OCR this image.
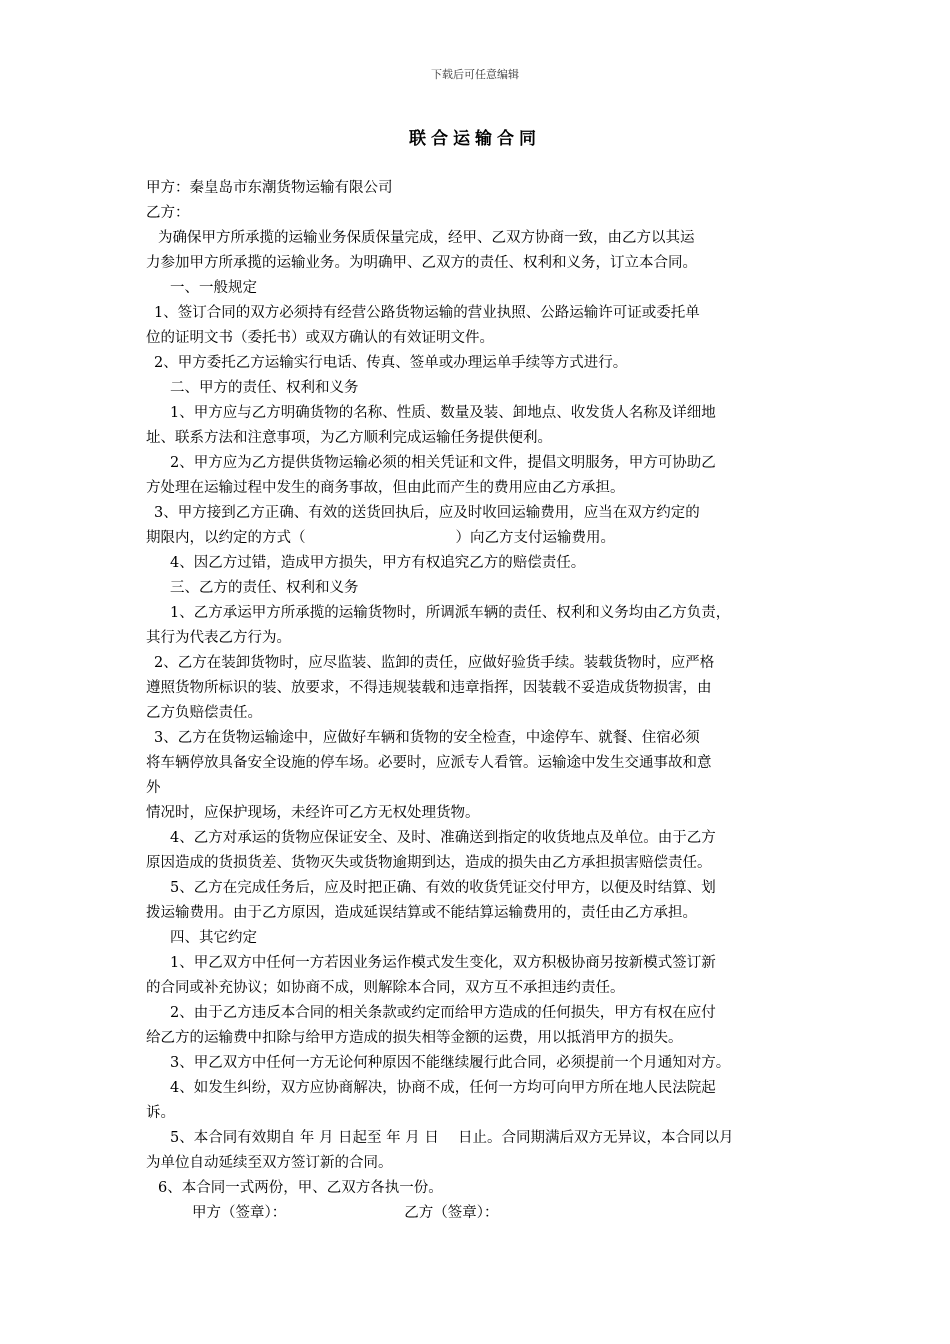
下载后可任意编辑
联合运输合同
甲方：秦皇岛市东潮货物运输有限公司
乙方：
为确保甲方所承揽的运输业务保质保量完成，经甲、乙双方协商一致，由乙方以其运
力参加甲方所承揽的运输业务。为明确甲、乙双方的责任、权利和义务，订立本合同。
一、一般规定
1、签订合同的双方必须持有经营公路货物运输的营业执照、公路运输许可证或委托单
位的证明文书（委托书）或双方确认的有效证明文件。
2、甲方委托乙方运输实行电话、传真、签单或办理运单手续等方式进行。
二、甲方的责任、权利和义务
1、甲方应与乙方明确货物的名称、性质、数量及装、卸地点、收发货人名称及详细地
址、联系方法和注意事项，为乙方顺利完成运输任务提供便利。
2、甲方应为乙方提供货物运输必须的相关凭证和文件，提倡文明服务，甲方可协助乙
方处理在运输过程中发生的商务事故，但由此而产生的费用应由乙方承担。
3、甲方接到乙方正确、有效的送货回执后，应及时收回运输费用，应当在双方约定的
期限内，以约定的方式（	）向乙方支付运输费用。
4、因乙方过错，造成甲方损失，甲方有权追究乙方的赔偿责任。
三、乙方的责任、权利和义务
1、乙方承运甲方所承揽的运输货物时，所调派车辆的责任、权利和义务均由乙方负责，
其行为代表乙方行为。
2、乙方在装卸货物时，应尽监装、监卸的责任，应做好验货手续。装载货物时，应严格
遵照货物所标识的装、放要求，不得违规装载和违章指挥，因装载不妥造成货物损害，由
乙方负赔偿责任。
3、乙方在货物运输途中，应做好车辆和货物的安全检查，中途停车、就餐、住宿必须
将车辆停放具备安全设施的停车场。必要时，应派专人看管。运输途中发生交通事故和意
外
情况时，应保护现场，未经许可乙方无权处理货物。
4、乙方对承运的货物应保证安全、及时、准确送到指定的收货地点及单位。由于乙方
原因造成的货损货差、货物灭失或货物逾期到达，造成的损失由乙方承担损害赔偿责任。
5、乙方在完成任务后，应及时把正确、有效的收货凭证交付甲方，以便及时结算、划
拨运输费用。由于乙方原因，造成延误结算或不能结算运输费用的，责任由乙方承担。
四、其它约定
1、甲乙双方中任何一方若因业务运作模式发生变化，双方积极协商另按新模式签订新
的合同或补充协议；如协商不成，则解除本合同，双方互不承担违约责任。
2、由于乙方违反本合同的相关条款或约定而给甲方造成的任何损失，甲方有权在应付
给乙方的运输费中扣除与给甲方造成的损失相等金额的运费，用以抵消甲方的损失。
3、甲乙双方中任何一方无论何种原因不能继续履行此合同，必须提前一个月通知对方。
4、如发生纠纷，双方应协商解决，协商不成，任何一方均可向甲方所在地人民法院起
诉。
5、本合同有效期自 年 月 日起至 年 月 日　 日止。合同期满后双方无异议，本合同以月
为单位自动延续至双方签订新的合同。
6、本合同一式两份，甲、乙双方各执一份。
甲方（签章）：	乙方（签章）：
